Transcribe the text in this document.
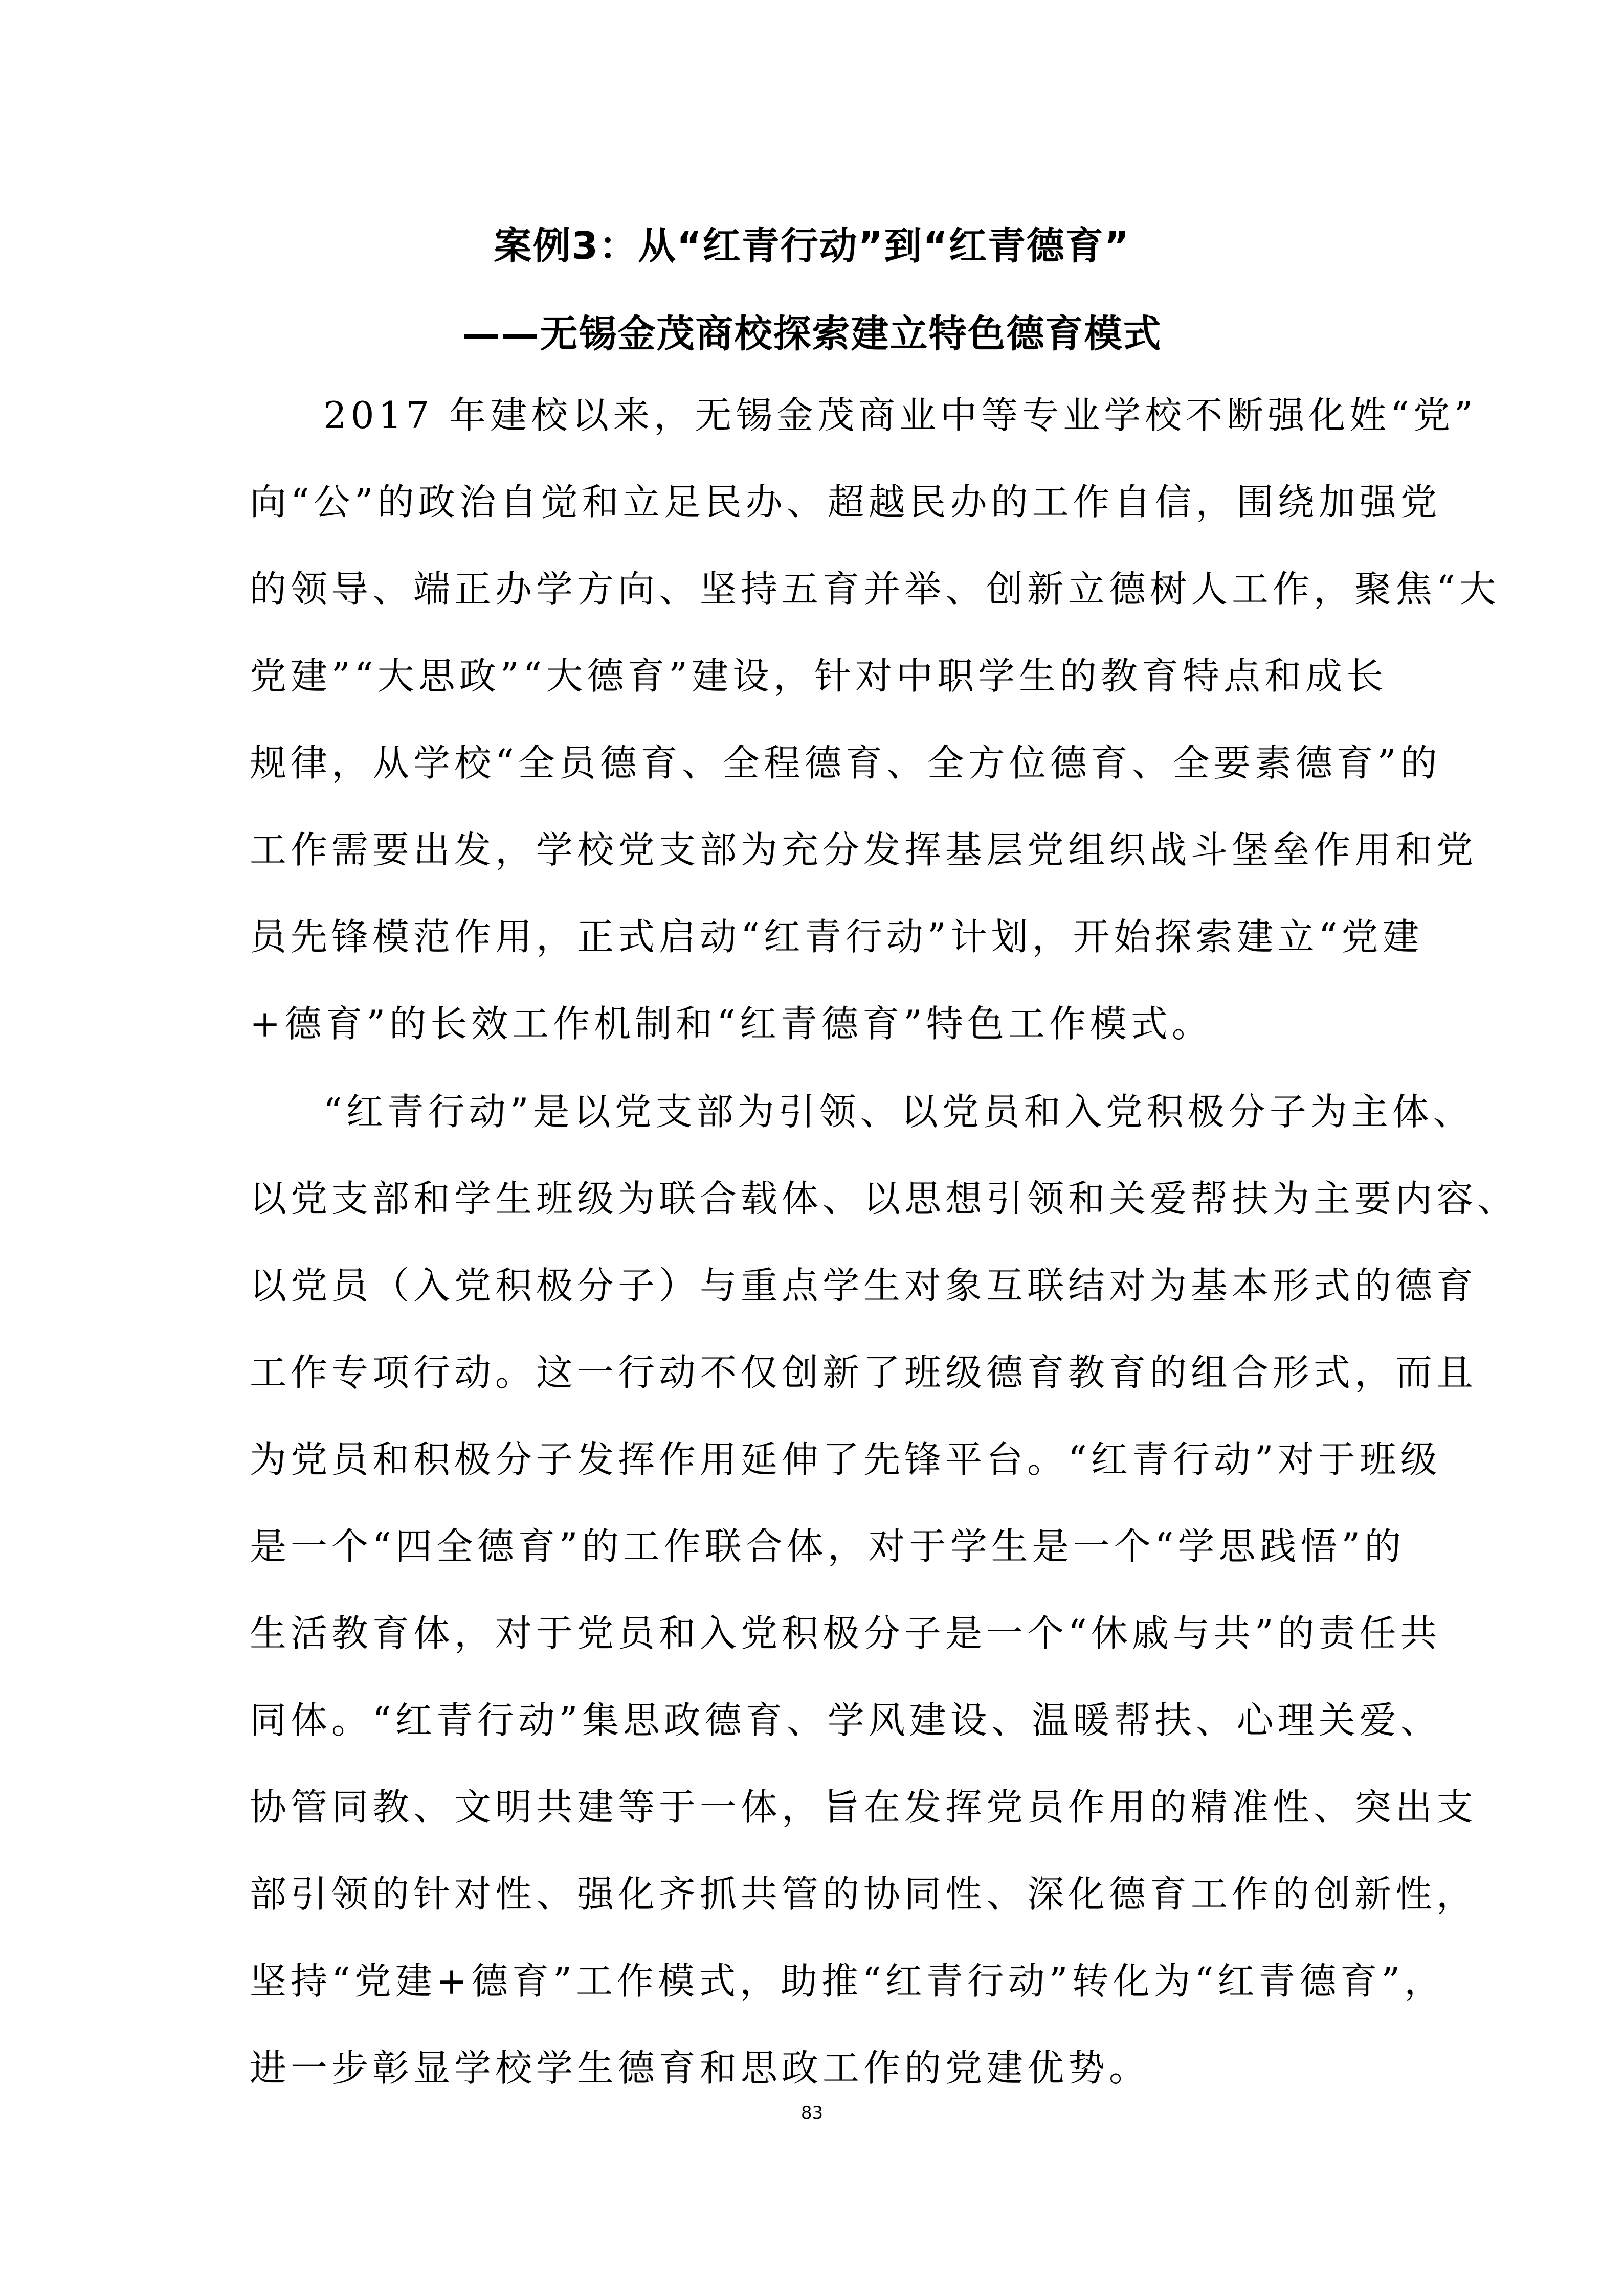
案例3：从“红青行动”到“红青德育”
——无锡金茂商校探索建立特色德育模式
2017 年建校以来，无锡金茂商业中等专业学校不断强化姓“党”
向“公”的政治自觉和立足民办、超越民办的工作自信，围绕加强党
的领导、端正办学方向、坚持五育并举、创新立德树人工作，聚焦“大
党建”“大思政”“大德育”建设，针对中职学生的教育特点和成长
规律，从学校“全员德育、全程德育、全方位德育、全要素德育”的
工作需要出发，学校党支部为充分发挥基层党组织战斗堡垒作用和党
员先锋模范作用，正式启动“红青行动”计划，开始探索建立“党建
+德育”的长效工作机制和“红青德育”特色工作模式。
“红青行动”是以党支部为引领、以党员和入党积极分子为主体、
以党支部和学生班级为联合载体、以思想引领和关爱帮扶为主要内容、
以党员（入党积极分子）与重点学生对象互联结对为基本形式的德育
工作专项行动。这一行动不仅创新了班级德育教育的组合形式，而且
为党员和积极分子发挥作用延伸了先锋平台。“红青行动”对于班级
是一个“四全德育”的工作联合体，对于学生是一个“学思践悟”的
生活教育体，对于党员和入党积极分子是一个“休戚与共”的责任共
同体。“红青行动”集思政德育、学风建设、温暖帮扶、心理关爱、
协管同教、文明共建等于一体，旨在发挥党员作用的精准性、突出支
部引领的针对性、强化齐抓共管的协同性、深化德育工作的创新性，
坚持“党建+德育”工作模式，助推“红青行动”转化为“红青德育”，
进一步彰显学校学生德育和思政工作的党建优势。
83
